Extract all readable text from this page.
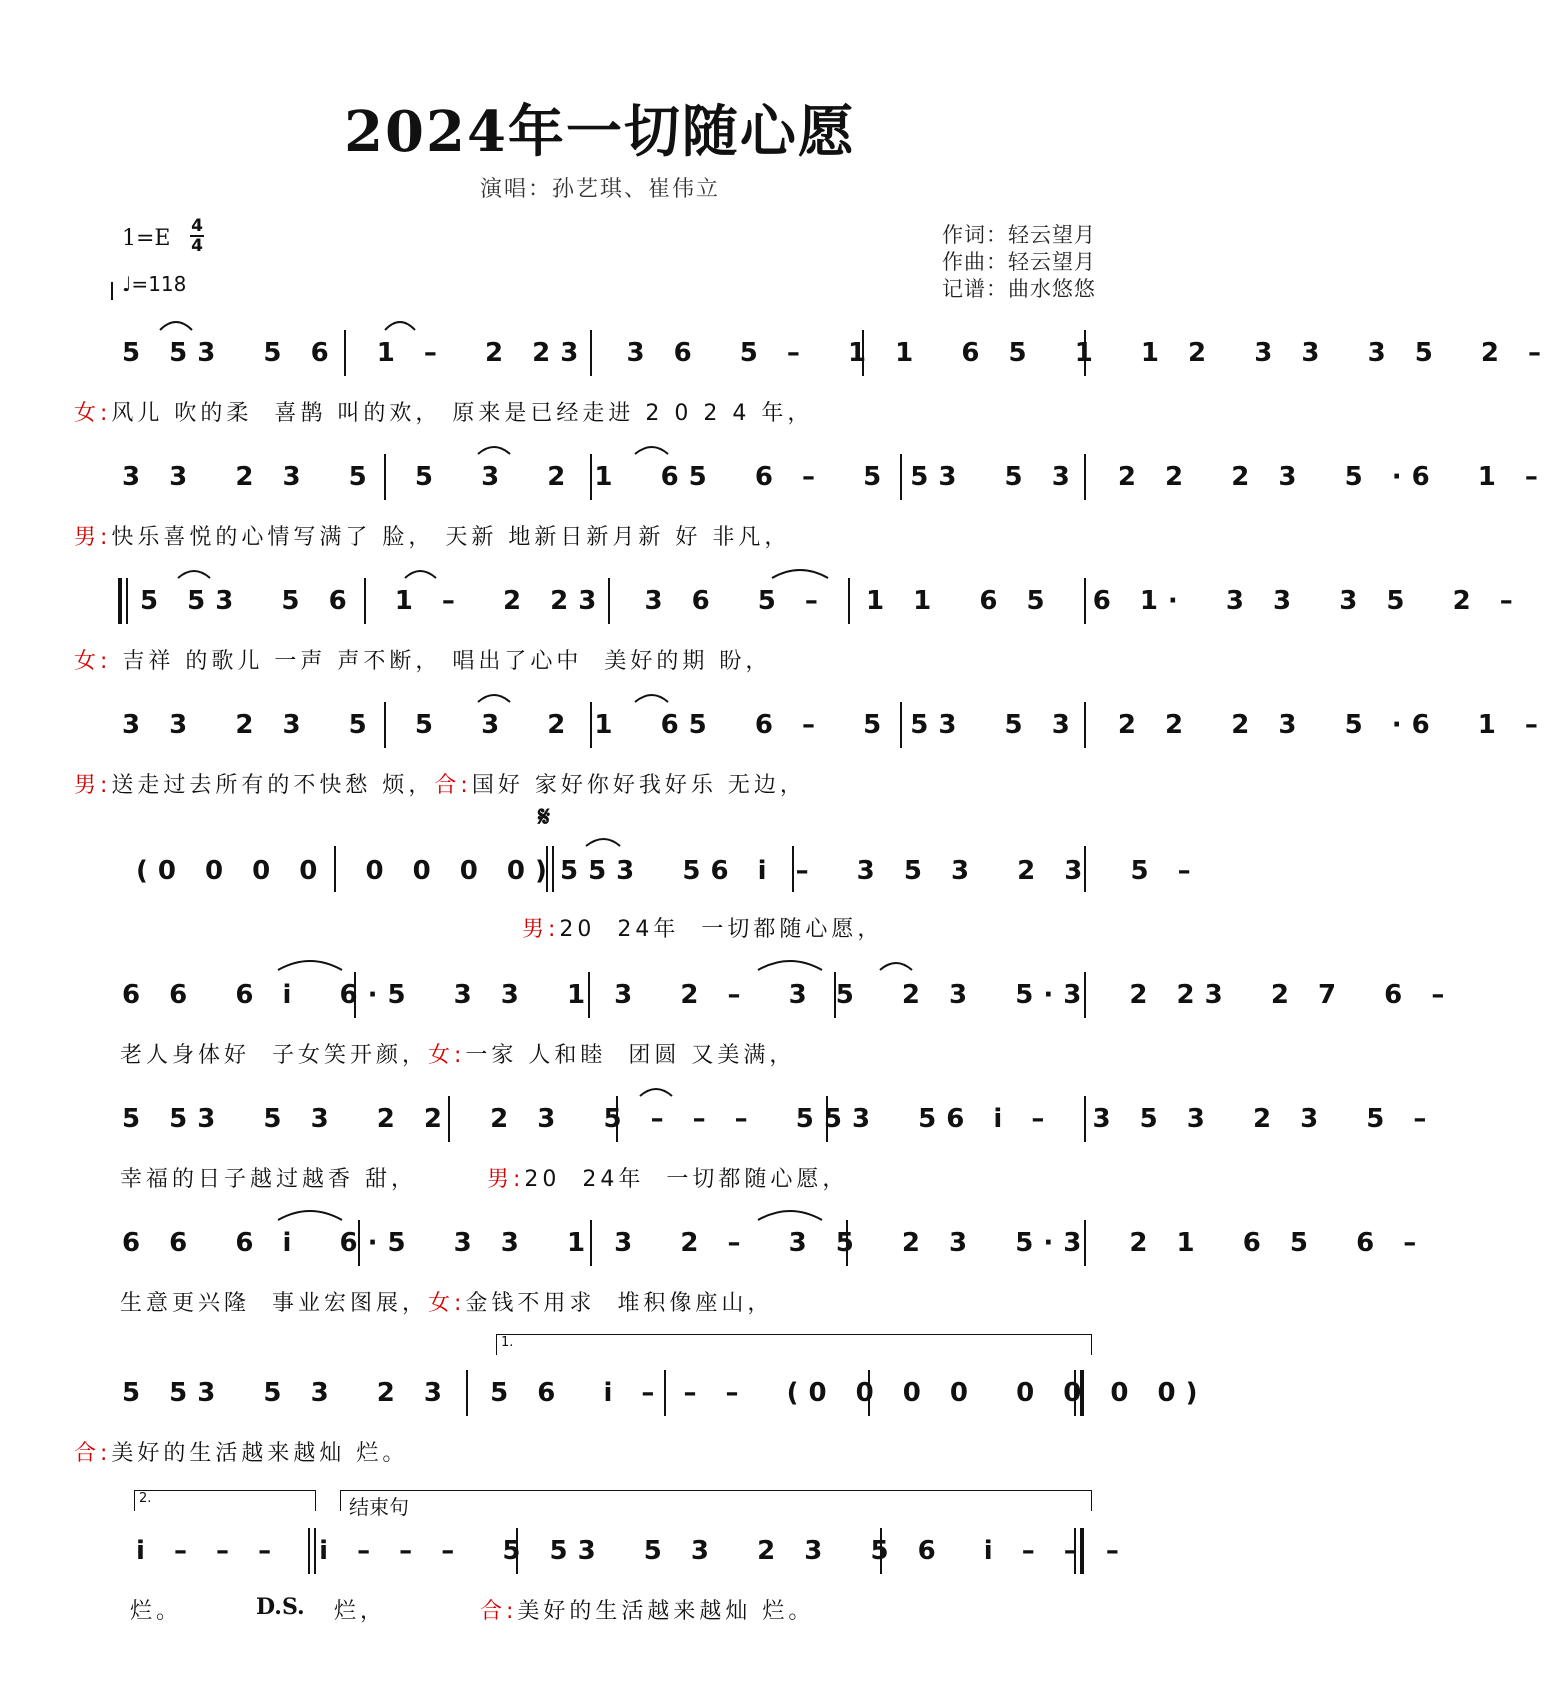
2024年一切随心愿
演唱：孙艺琪、崔伟立
1=E 4
4
♩=118
作词：轻云望月
作曲：轻云望月
记谱：曲水悠悠
5 53  5 6  1 –  2 23  3 6  5 –  1 1  6 5  1  1 2  3 3  3 5  2 –
女:风儿 吹的柔  喜鹊 叫的欢， 原来是已经走进 2 0 2 4 年，
3 3  2 3  5  5  3  2 1  65  6 –  5 53  5 3  2 2  2 3  5 ·6  1 –
男:快乐喜悦的心情写满了 脸， 天新 地新日新月新 好 非凡，
5 53  5 6  1 –  2 23  3 6  5 –  1 1  6 5  6 1·  3 3  3 5  2 –
女: 吉祥 的歌儿 一声 声不断， 唱出了心中  美好的期 盼，
3 3  2 3  5  5  3  2 1  65  6 –  5 53  5 3  2 2  2 3  5 ·6  1 –
男:送走过去所有的不快愁 烦，合:国好 家好你好我好乐 无边，
𝄋
(0 0 0 0  0 0 0 0) 553  56 i –  3 5 3  2 3  5 –
男:20  24年  一切都随心愿，
6 6  6 i  6·5  3 3  1 3  2 –  3 5  2 3  5·3  2 23  2 7  6 –
老人身体好  子女笑开颜，女:一家 人和睦  团圆 又美满，
5 53  5 3  2 2  2 3  5 – – –  553  56 i –  3 5 3  2 3  5 –
幸福的日子越过越香 甜，	男:20  24年  一切都随心愿，
6 6  6 i  6·5  3 3  1 3  2 –  3 5  2 3  5·3  2 1  6 5  6 –
生意更兴隆  事业宏图展，女:金钱不用求  堆积像座山，
1.
5 53  5 3  2 3  5 6  i – – –  (0 0 0 0  0 0 0 0)
合:美好的生活越来越灿 烂。
2.	结束句
i – – –  i – – –  5 53  5 3  2 3  5 6  i – – –
烂。	D.S. 烂，	合:美好的生活越来越灿 烂。
